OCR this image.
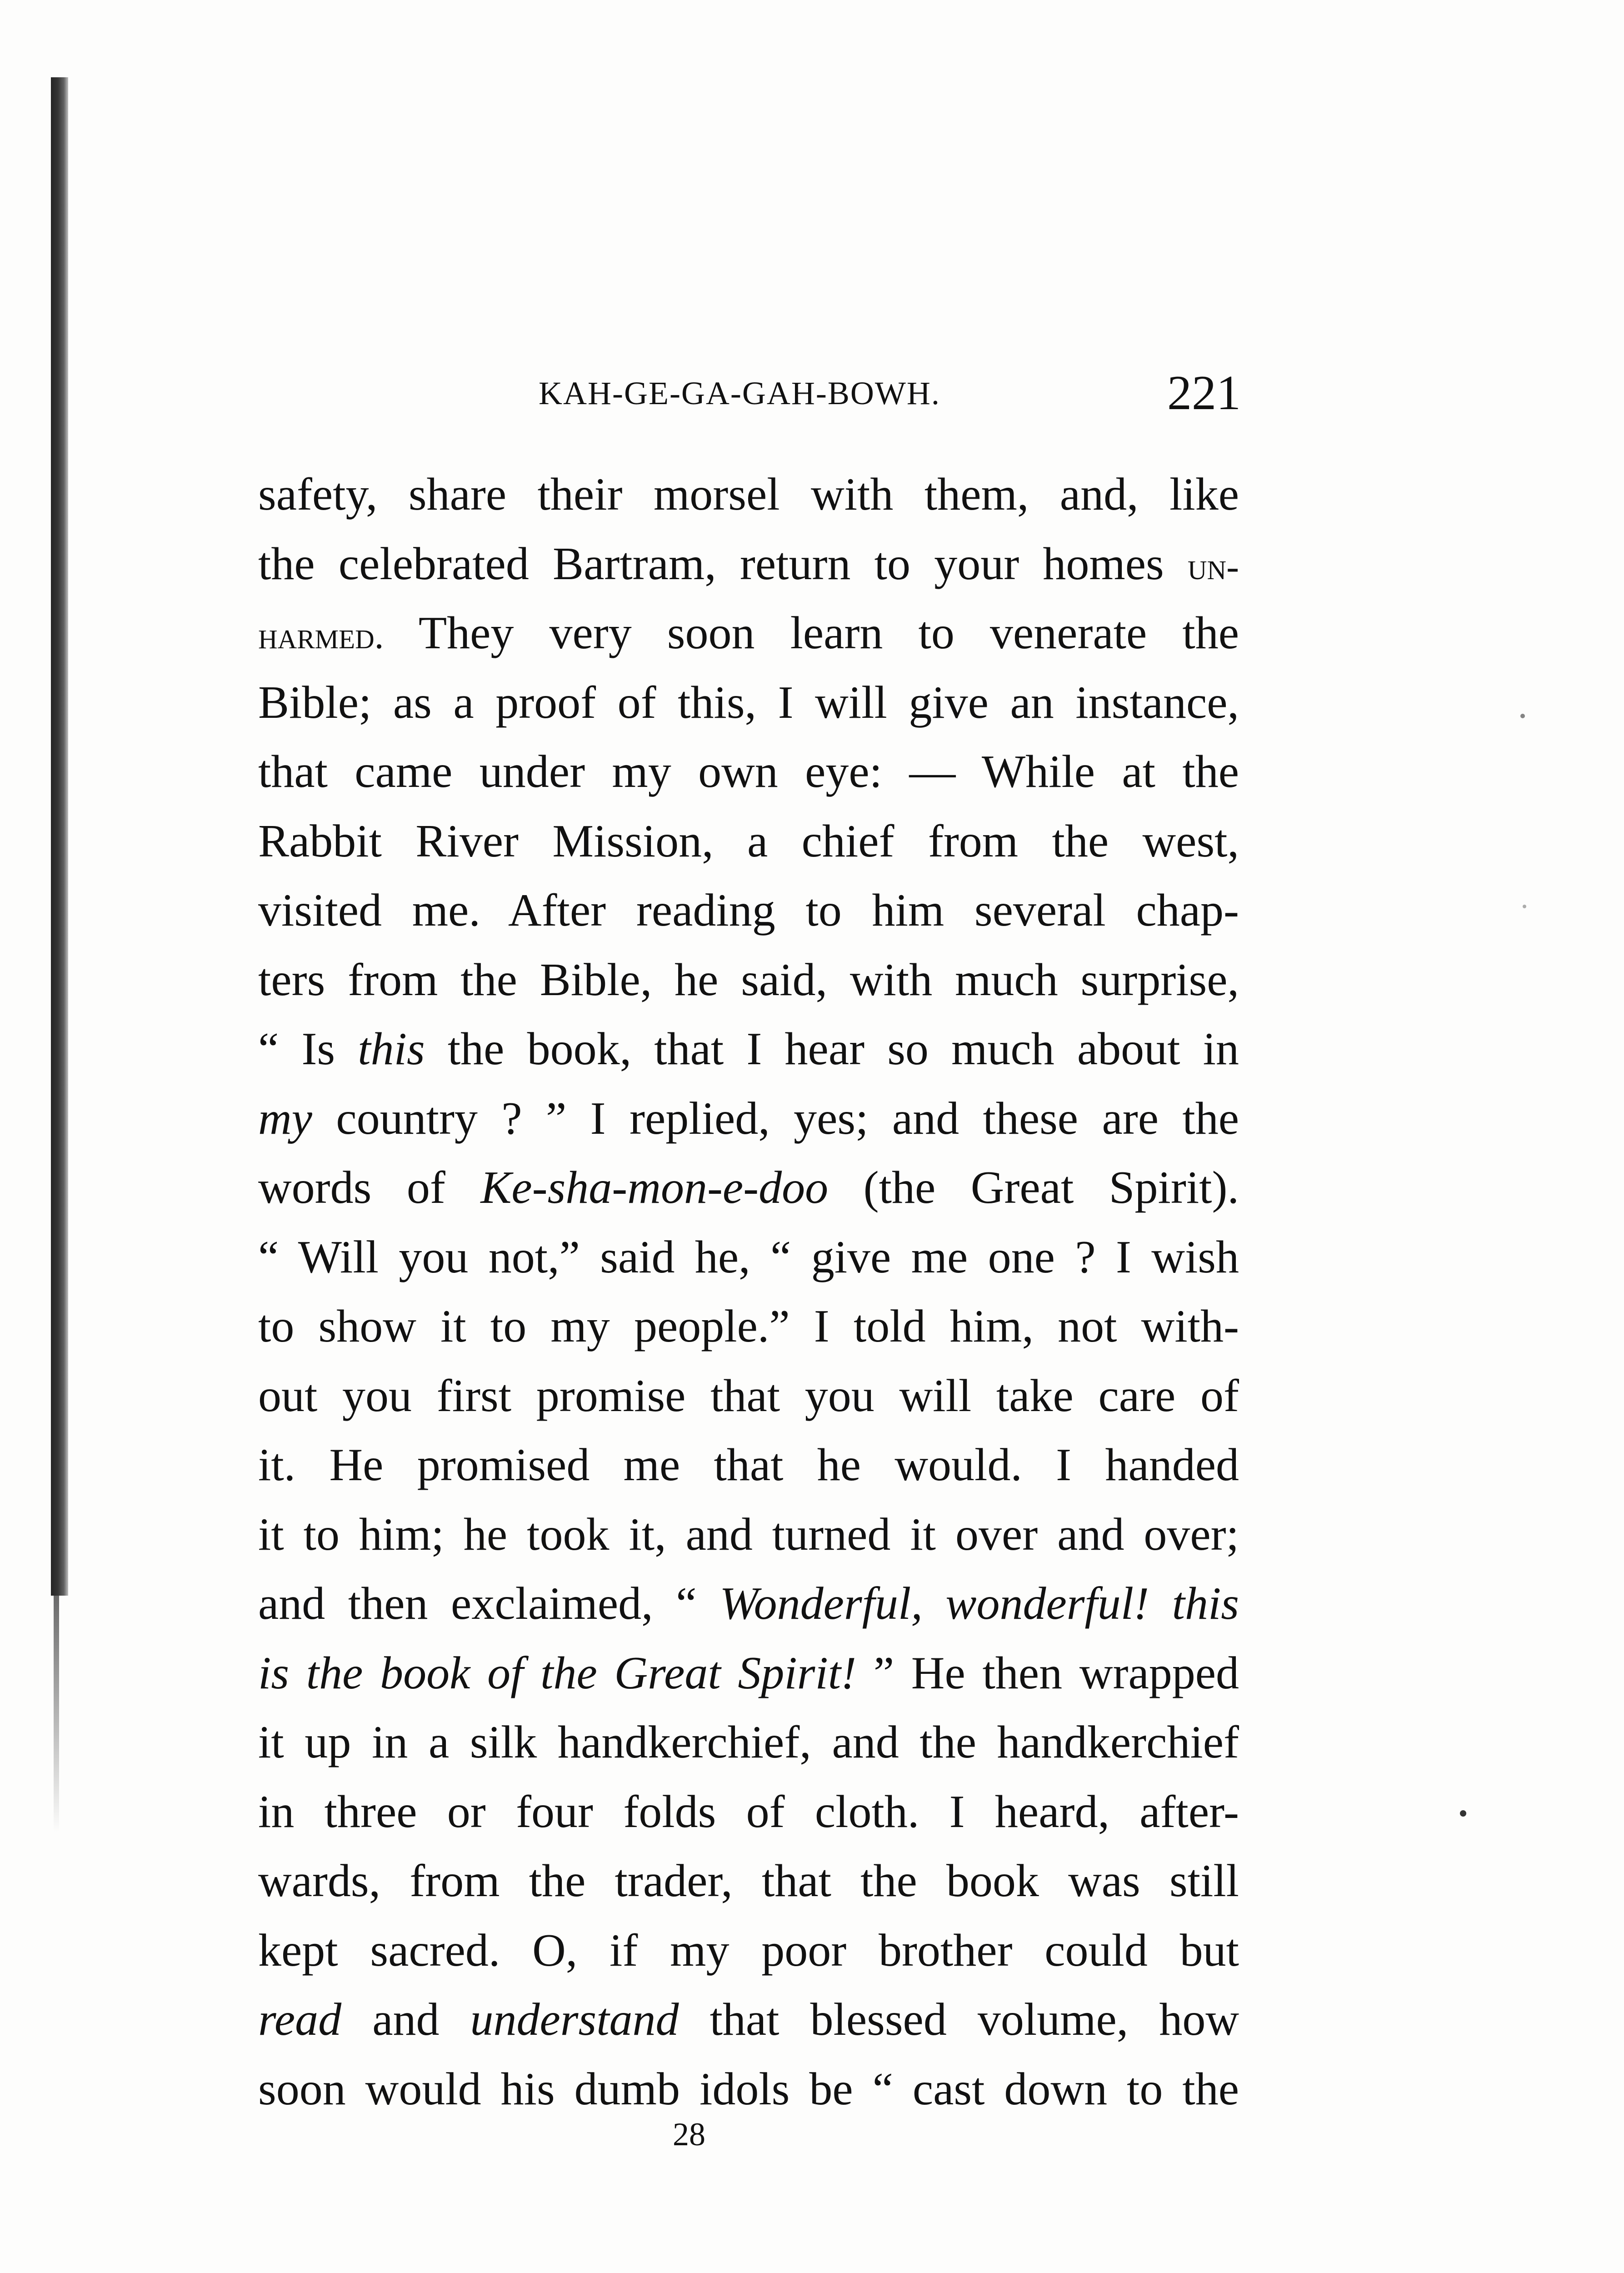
KAH-GE-GA-GAH-BOWH.	221
safety, share their morsel with them, and, like
the celebrated Bartram, return to your homes un-
harmed. They very soon learn to venerate the
Bible; as a proof of this, I will give an instance,
that came under my own eye: — While at the
Rabbit River Mission, a chief from the west,
visited me. After reading to him several chap-
ters from the Bible, he said, with much surprise,
“ Is this the book, that I hear so much about in
my country ? ” I replied, yes; and these are the
words of Ke-sha-mon-e-doo (the Great Spirit).
“ Will you not,” said he, “ give me one ? I wish
to show it to my people.” I told him, not with-
out you first promise that you will take care of
it. He promised me that he would. I handed
it to him; he took it, and turned it over and over;
and then exclaimed, “ Wonderful, wonderful! this
is the book of the Great Spirit! ” He then wrapped
it up in a silk handkerchief, and the handkerchief
in three or four folds of cloth. I heard, after-
wards, from the trader, that the book was still
kept sacred. O, if my poor brother could but
read and understand that blessed volume, how
soon would his dumb idols be “ cast down to the
28
